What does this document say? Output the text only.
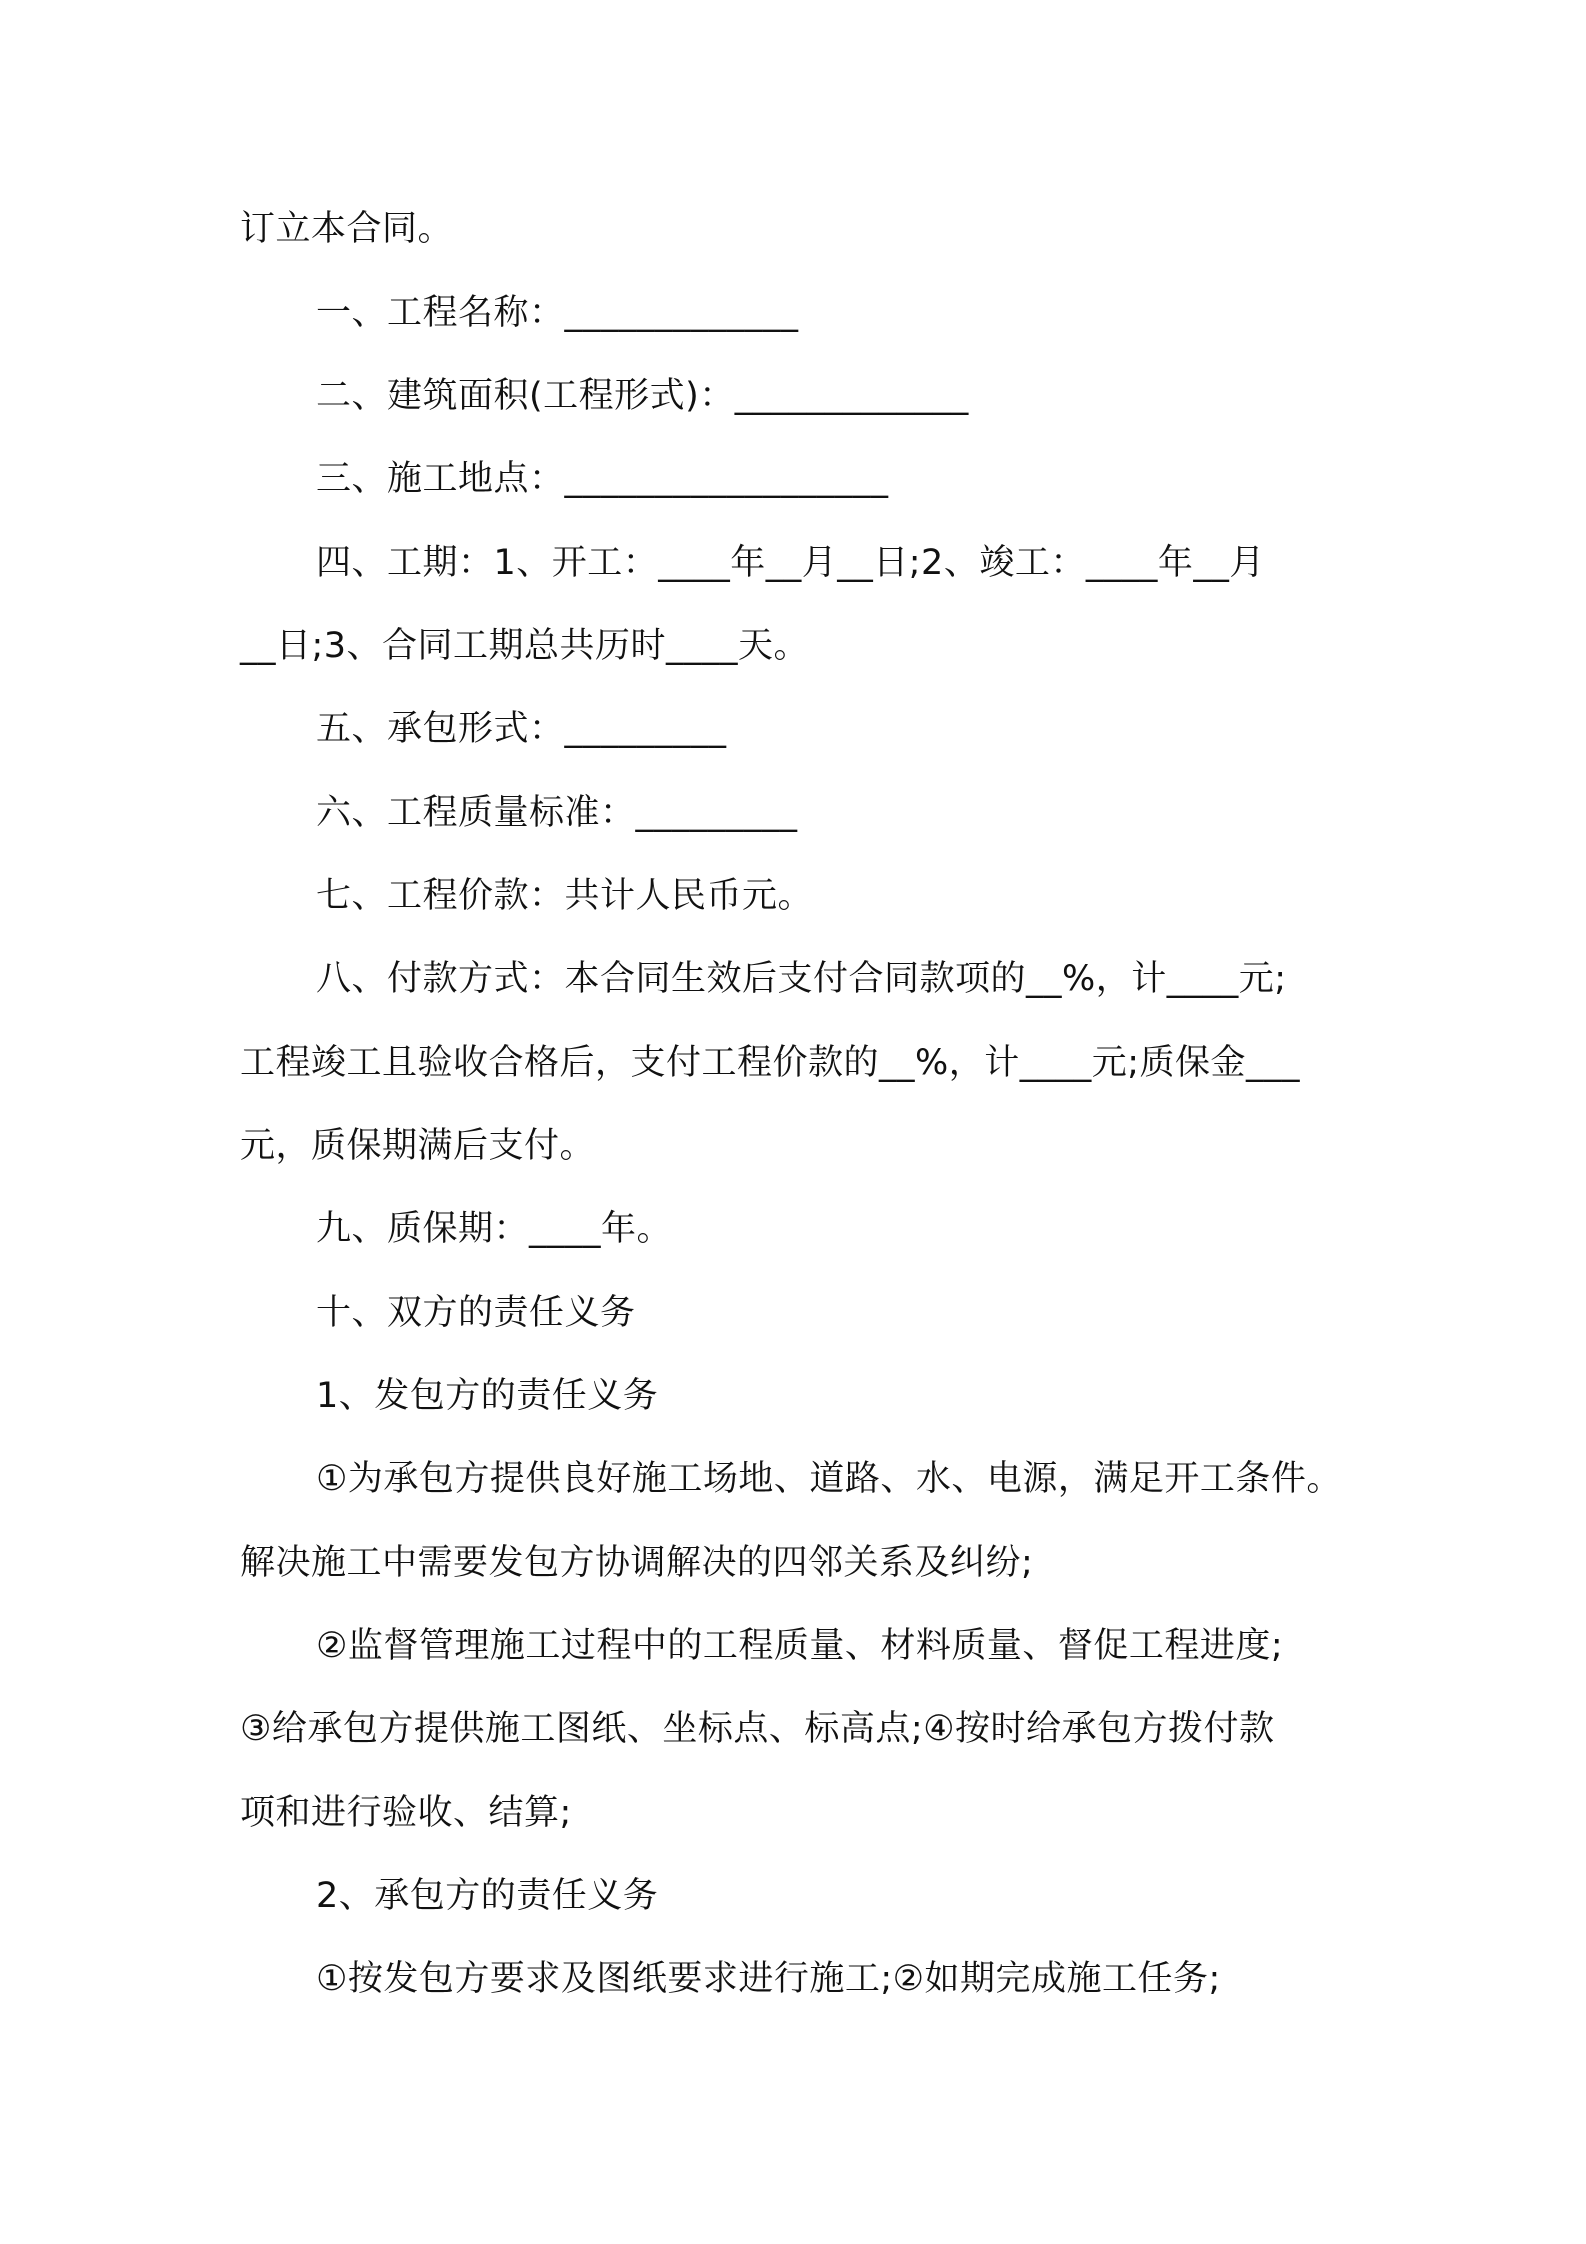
订立本合同。
一、工程名称：_____________
二、建筑面积(工程形式)：_____________
三、施工地点：__________________
四、工期：1、开工：____年__月__日;2、竣工：____年__月
__日;3、合同工期总共历时____天。
五、承包形式：_________
六、工程质量标准：_________
七、工程价款：共计人民币元。
八、付款方式：本合同生效后支付合同款项的__%，计____元;
工程竣工且验收合格后，支付工程价款的__%，计____元;质保金___
元，质保期满后支付。
九、质保期：____年。
十、双方的责任义务
1、发包方的责任义务
①为承包方提供良好施工场地、道路、水、电源，满足开工条件。
解决施工中需要发包方协调解决的四邻关系及纠纷;
②监督管理施工过程中的工程质量、材料质量、督促工程进度;
③给承包方提供施工图纸、坐标点、标高点;④按时给承包方拨付款
项和进行验收、结算;
2、承包方的责任义务
①按发包方要求及图纸要求进行施工;②如期完成施工任务;
